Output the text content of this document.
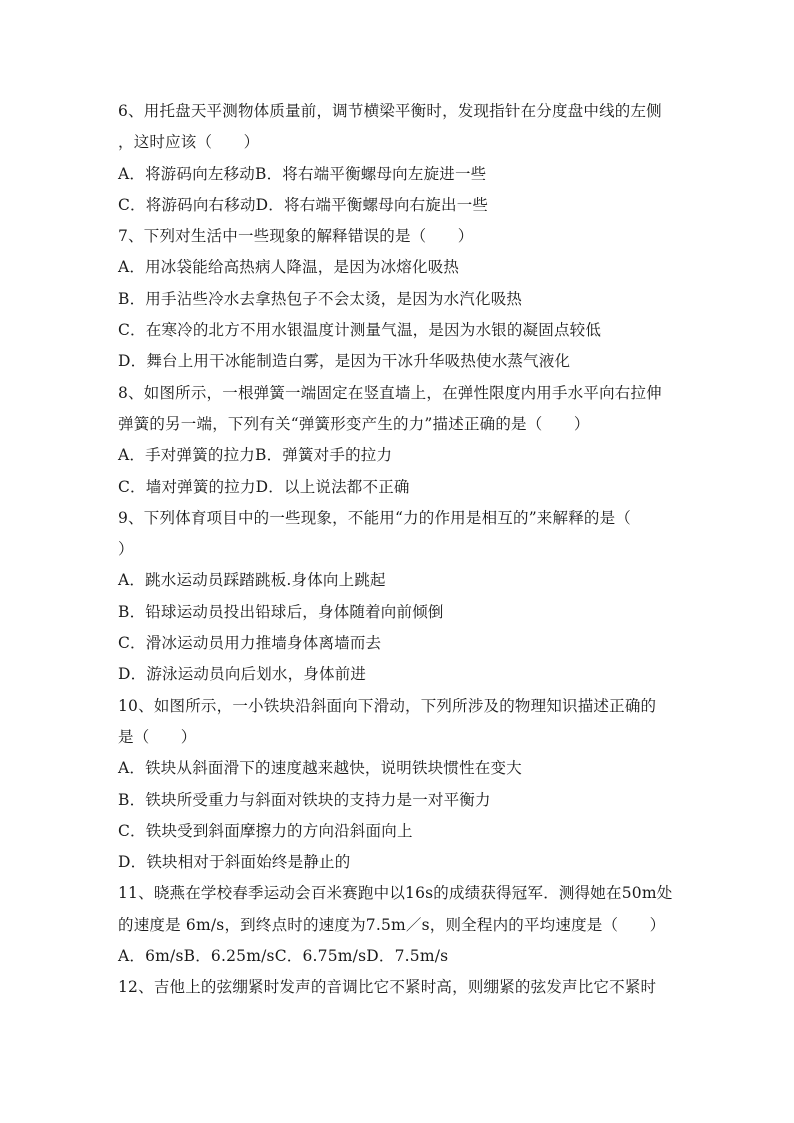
6、用托盘天平测物体质量前，调节横梁平衡时，发现指针在分度盘中线的左侧
，这时应该（　　）
A．将游码向左移动B．将右端平衡螺母向左旋进一些
C．将游码向右移动D．将右端平衡螺母向右旋出一些
7、下列对生活中一些现象的解释错误的是（　　）
A．用冰袋能给高热病人降温，是因为冰熔化吸热
B．用手沾些冷水去拿热包子不会太烫，是因为水汽化吸热
C．在寒冷的北方不用水银温度计测量气温，是因为水银的凝固点较低
D．舞台上用干冰能制造白雾，是因为干冰升华吸热使水蒸气液化
8、如图所示，一根弹簧一端固定在竖直墙上，在弹性限度内用手水平向右拉伸
弹簧的另一端，下列有关“弹簧形变产生的力”描述正确的是（　　）
A．手对弹簧的拉力B．弹簧对手的拉力
C．墙对弹簧的拉力D．以上说法都不正确
9、下列体育项目中的一些现象，不能用“力的作用是相互的”来解释的是（
）
A．跳水运动员踩踏跳板.身体向上跳起
B．铅球运动员投出铅球后，身体随着向前倾倒
C．滑冰运动员用力推墙身体离墙而去
D．游泳运动员向后划水，身体前进
10、如图所示，一小铁块沿斜面向下滑动，下列所涉及的物理知识描述正确的
是（　　）
A．铁块从斜面滑下的速度越来越快，说明铁块惯性在变大
B．铁块所受重力与斜面对铁块的支持力是一对平衡力
C．铁块受到斜面摩擦力的方向沿斜面向上
D．铁块相对于斜面始终是静止的
11、晓燕在学校春季运动会百米赛跑中以16s的成绩获得冠军．测得她在50m处
的速度是 6m/s，到终点时的速度为7.5m／s，则全程内的平均速度是（　　）
A．6m/sB．6.25m/sC．6.75m/sD．7.5m/s
12、吉他上的弦绷紧时发声的音调比它不紧时高，则绷紧的弦发声比它不紧时
